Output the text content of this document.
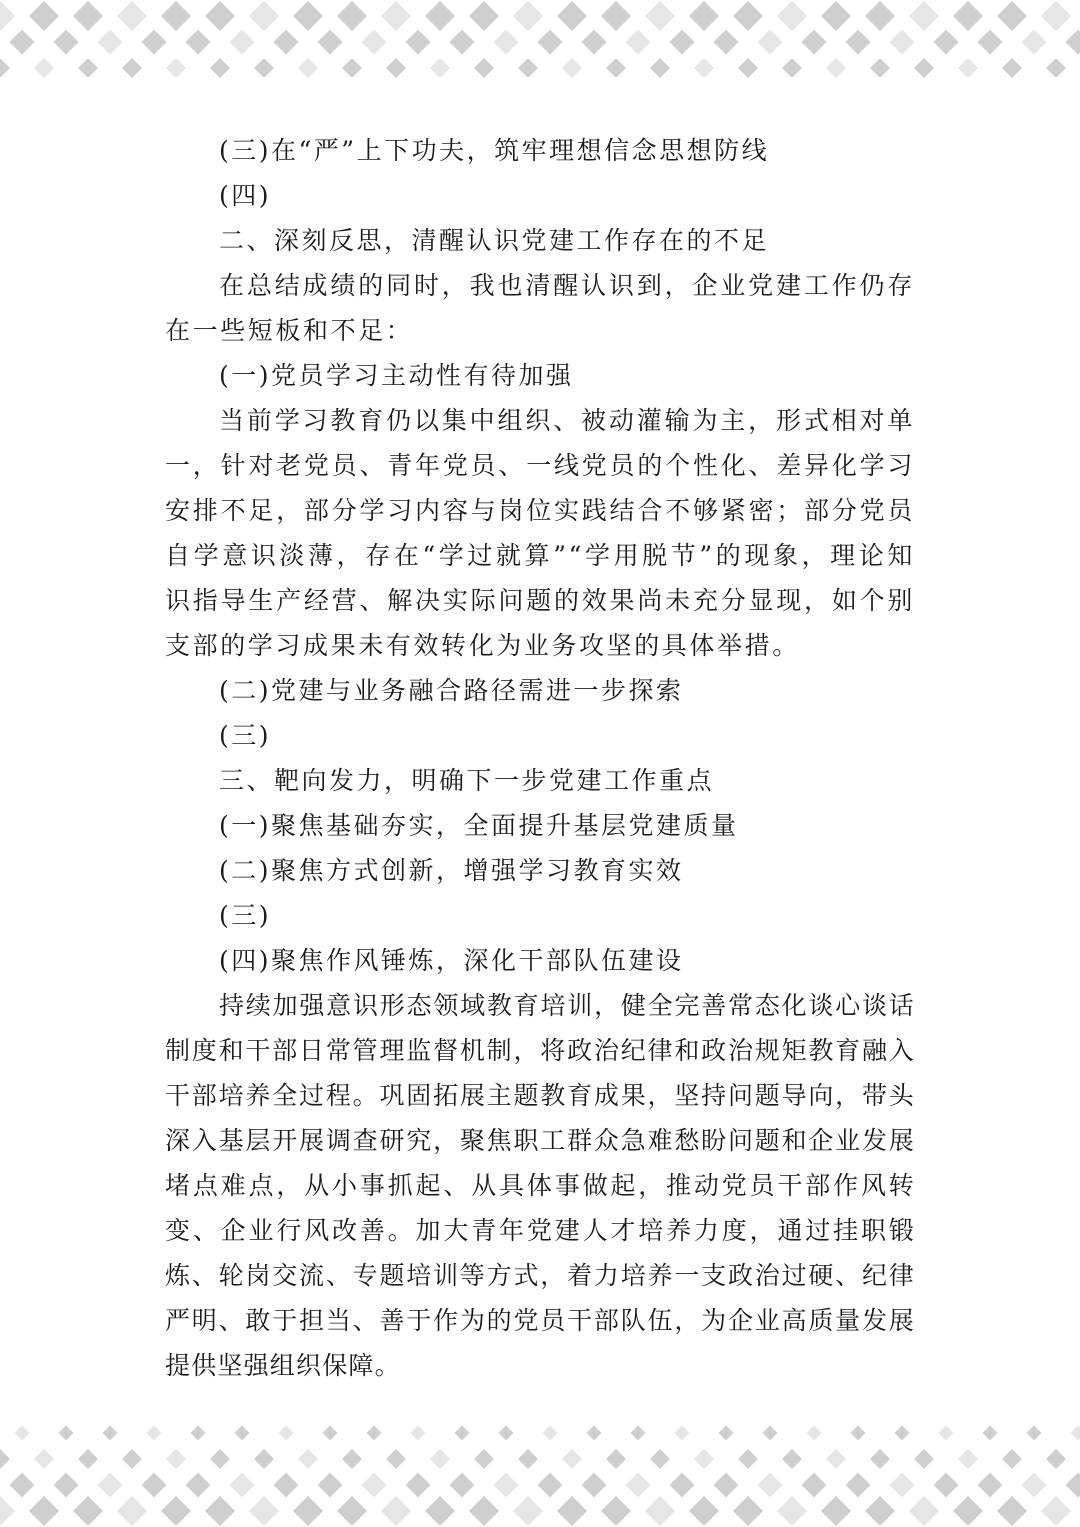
(三)在“严”上下功夫，筑牢理想信念思想防线

(四)

二、深刻反思，清醒认识党建工作存在的不足

在总结成绩的同时，我也清醒认识到，企业党建工作仍存在一些短板和不足：

(一)党员学习主动性有待加强

当前学习教育仍以集中组织、被动灌输为主，形式相对单一，针对老党员、青年党员、一线党员的个性化、差异化学习安排不足，部分学习内容与岗位实践结合不够紧密；部分党员自学意识淡薄，存在“学过就算”“学用脱节”的现象，理论知识指导生产经营、解决实际问题的效果尚未充分显现，如个别支部的学习成果未有效转化为业务攻坚的具体举措。

(二)党建与业务融合路径需进一步探索

(三)

三、靶向发力，明确下一步党建工作重点

(一)聚焦基础夯实，全面提升基层党建质量

(二)聚焦方式创新，增强学习教育实效

(三)

(四)聚焦作风锤炼，深化干部队伍建设

持续加强意识形态领域教育培训，健全完善常态化谈心谈话制度和干部日常管理监督机制，将政治纪律和政治规矩教育融入干部培养全过程。巩固拓展主题教育成果，坚持问题导向，带头深入基层开展调查研究，聚焦职工群众急难愁盼问题和企业发展堵点难点，从小事抓起、从具体事做起，推动党员干部作风转变、企业行风改善。加大青年党建人才培养力度，通过挂职锻炼、轮岗交流、专题培训等方式，着力培养一支政治过硬、纪律严明、敢于担当、善于作为的党员干部队伍，为企业高质量发展提供坚强组织保障。
